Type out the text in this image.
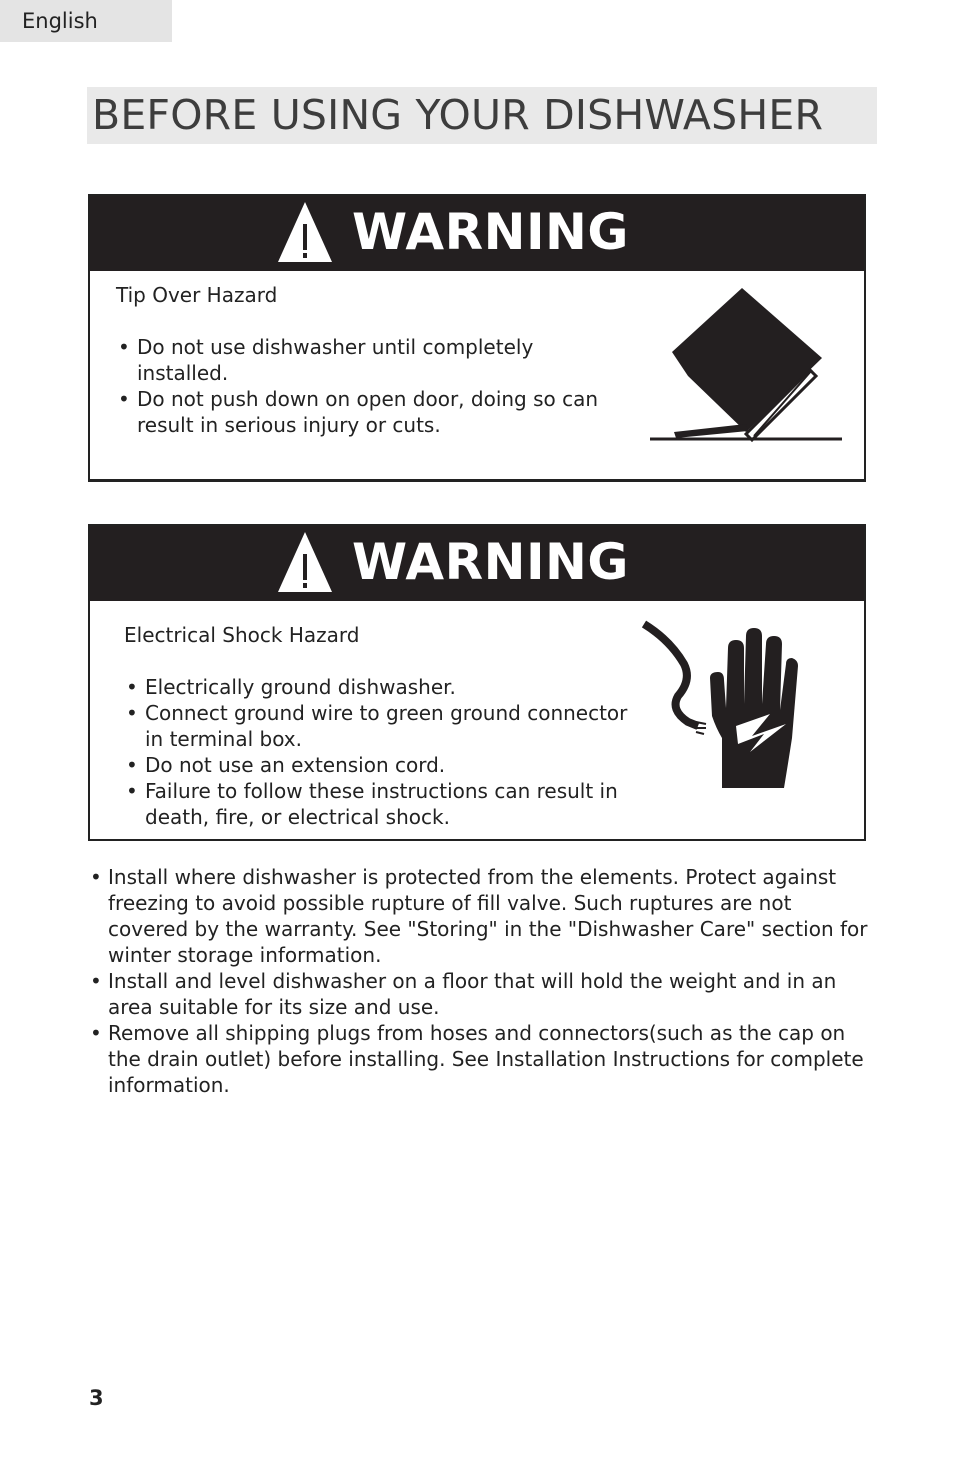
English
BEFORE USING YOUR DISHWASHER
WARNING
Tip Over Hazard
• Do not use dishwasher until completely installed.
• Do not push down on open door, doing so can result in serious injury or cuts.
WARNING
Electrical Shock Hazard
• Electrically ground dishwasher.
• Connect ground wire to green ground connector in terminal box.
• Do not use an extension cord.
• Failure to follow these instructions can result in death, fire, or electrical shock.
• Install where dishwasher is protected from the elements. Protect against freezing to avoid possible rupture of fill valve. Such ruptures are not covered by the warranty. See "Storing" in the "Dishwasher Care" section for winter storage information.
• Install and level dishwasher on a floor that will hold the weight and in an area suitable for its size and use.
• Remove all shipping plugs from hoses and connectors(such as the cap on the drain outlet) before installing. See Installation Instructions for complete information.
3
